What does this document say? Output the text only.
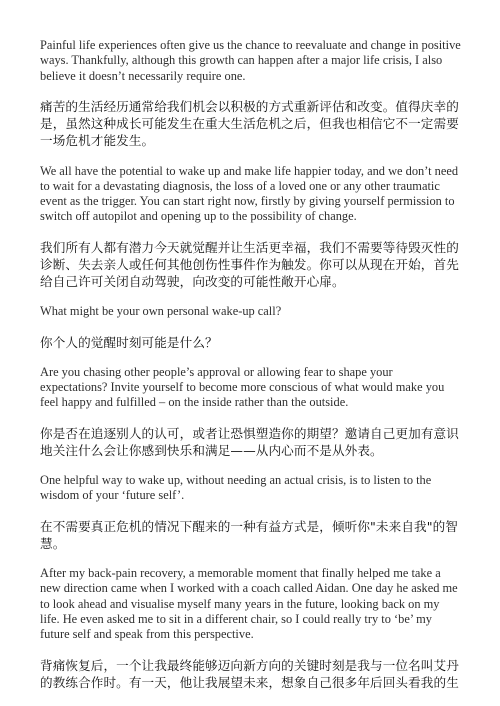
Painful life experiences often give us the chance to reevaluate and change in positive ways. Thankfully, although this growth can happen after a major life crisis, I also believe it doesn’t necessarily require one.

痛苦的生活经历通常给我们机会以积极的方式重新评估和改变。值得庆幸的是，虽然这种成长可能发生在重大生活危机之后，但我也相信它不一定需要一场危机才能发生。

We all have the potential to wake up and make life happier today, and we don’t need to wait for a devastating diagnosis, the loss of a loved one or any other traumatic event as the trigger. You can start right now, firstly by giving yourself permission to switch off autopilot and opening up to the possibility of change.

我们所有人都有潜力今天就觉醒并让生活更幸福，我们不需要等待毁灭性的诊断、失去亲人或任何其他创伤性事件作为触发。你可以从现在开始，首先给自己许可关闭自动驾驶，向改变的可能性敞开心扉。

What might be your own personal wake-up call?

你个人的觉醒时刻可能是什么？

Are you chasing other people’s approval or allowing fear to shape your expectations? Invite yourself to become more conscious of what would make you feel happy and fulfilled – on the inside rather than the outside.

你是否在追逐别人的认可，或者让恐惧塑造你的期望？邀请自己更加有意识地关注什么会让你感到快乐和满足——从内心而不是从外表。

One helpful way to wake up, without needing an actual crisis, is to listen to the wisdom of your ‘future self’.

在不需要真正危机的情况下醒来的一种有益方式是，倾听你"未来自我"的智慧。

After my back-pain recovery, a memorable moment that finally helped me take a new direction came when I worked with a coach called Aidan. One day he asked me to look ahead and visualise myself many years in the future, looking back on my life. He even asked me to sit in a different chair, so I could really try to ‘be’ my future self and speak from this perspective.

背痛恢复后，一个让我最终能够迈向新方向的关键时刻是我与一位名叫艾丹的教练合作时。有一天，他让我展望未来，想象自己很多年后回头看我的生
